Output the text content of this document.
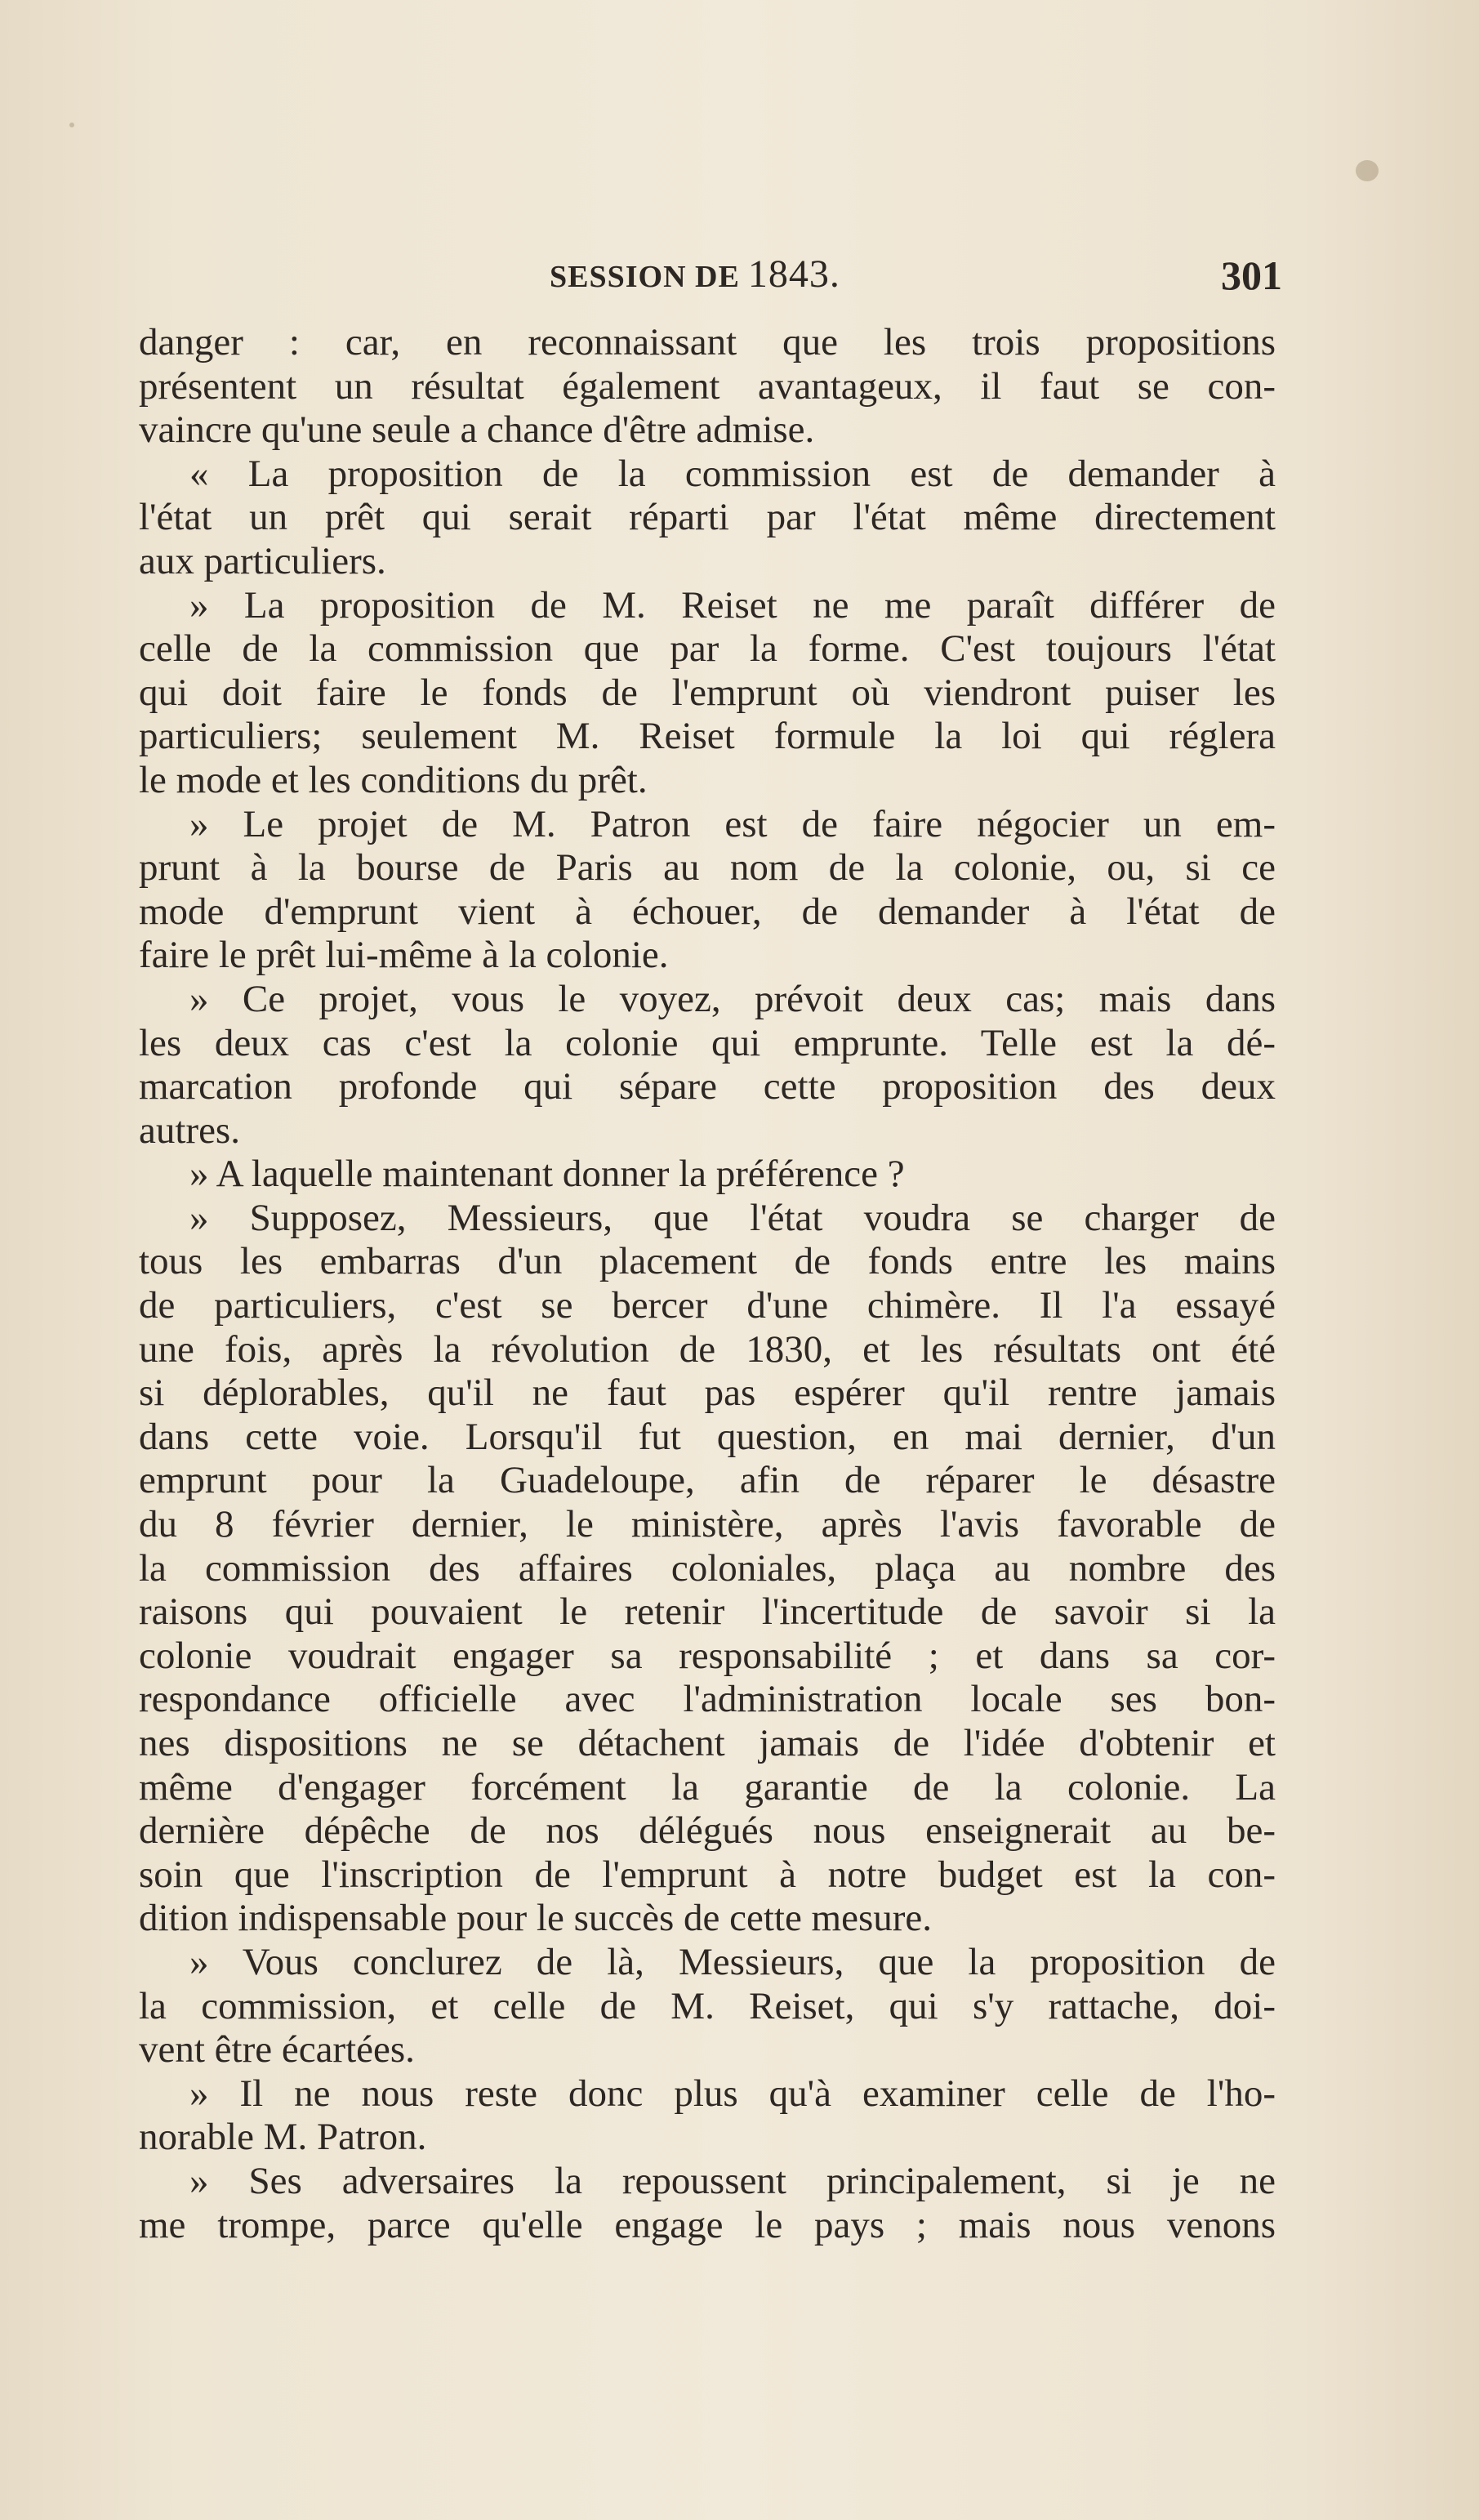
SESSION DE 1843.	301
danger : car, en reconnaissant que les trois propositions
présentent un résultat également avantageux, il faut se con-
vaincre qu'une seule a chance d'être admise.
« La proposition de la commission est de demander à
l'état un prêt qui serait réparti par l'état même directement
aux particuliers.
» La proposition de M. Reiset ne me paraît différer de
celle de la commission que par la forme. C'est toujours l'état
qui doit faire le fonds de l'emprunt où viendront puiser les
particuliers; seulement M. Reiset formule la loi qui réglera
le mode et les conditions du prêt.
» Le projet de M. Patron est de faire négocier un em-
prunt à la bourse de Paris au nom de la colonie, ou, si ce
mode d'emprunt vient à échouer, de demander à l'état de
faire le prêt lui-même à la colonie.
» Ce projet, vous le voyez, prévoit deux cas; mais dans
les deux cas c'est la colonie qui emprunte. Telle est la dé-
marcation profonde qui sépare cette proposition des deux
autres.
» A laquelle maintenant donner la préférence ?
» Supposez, Messieurs, que l'état voudra se charger de
tous les embarras d'un placement de fonds entre les mains
de particuliers, c'est se bercer d'une chimère. Il l'a essayé
une fois, après la révolution de 1830, et les résultats ont été
si déplorables, qu'il ne faut pas espérer qu'il rentre jamais
dans cette voie. Lorsqu'il fut question, en mai dernier, d'un
emprunt pour la Guadeloupe, afin de réparer le désastre
du 8 février dernier, le ministère, après l'avis favorable de
la commission des affaires coloniales, plaça au nombre des
raisons qui pouvaient le retenir l'incertitude de savoir si la
colonie voudrait engager sa responsabilité ; et dans sa cor-
respondance officielle avec l'administration locale ses bon-
nes dispositions ne se détachent jamais de l'idée d'obtenir et
même d'engager forcément la garantie de la colonie. La
dernière dépêche de nos délégués nous enseignerait au be-
soin que l'inscription de l'emprunt à notre budget est la con-
dition indispensable pour le succès de cette mesure.
» Vous conclurez de là, Messieurs, que la proposition de
la commission, et celle de M. Reiset, qui s'y rattache, doi-
vent être écartées.
» Il ne nous reste donc plus qu'à examiner celle de l'ho-
norable M. Patron.
» Ses adversaires la repoussent principalement, si je ne
me trompe, parce qu'elle engage le pays ; mais nous venons
